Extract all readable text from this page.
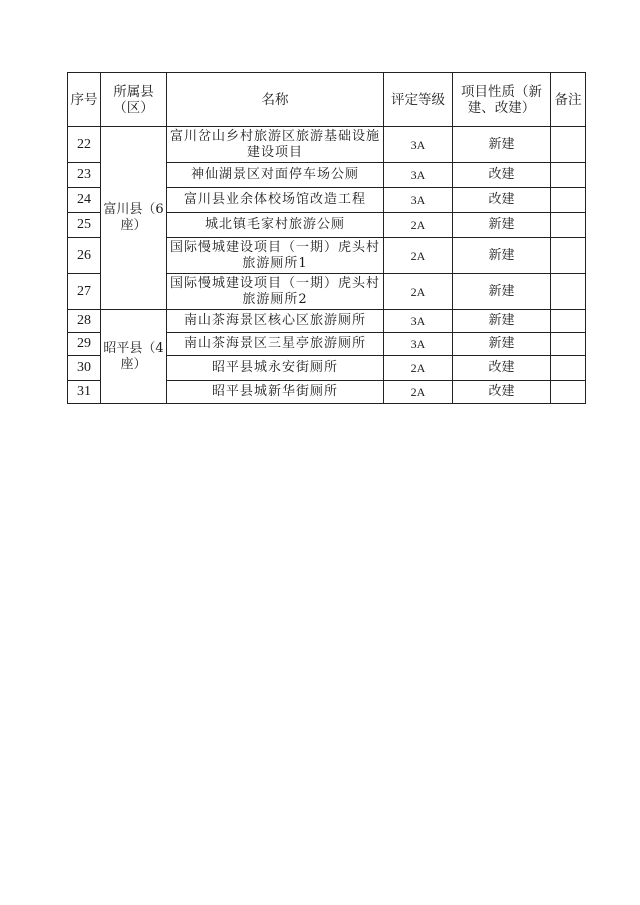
序号	所属县（区）	名称	评定等级	项目性质（新建、改建）	备注
22	富川县（6座）	富川岔山乡村旅游区旅游基础设施建设项目	3A	新建	
23		神仙湖景区对面停车场公厕	3A	改建	
24		富川县业余体校场馆改造工程	3A	改建	
25		城北镇毛家村旅游公厕	2A	新建	
26		国际慢城建设项目（一期）虎头村旅游厕所1	2A	新建	
27		国际慢城建设项目（一期）虎头村旅游厕所2	2A	新建	
28	昭平县（4座）	南山茶海景区核心区旅游厕所	3A	新建	
29		南山茶海景区三星亭旅游厕所	3A	新建	
30		昭平县城永安街厕所	2A	改建	
31		昭平县城新华街厕所	2A	改建	
